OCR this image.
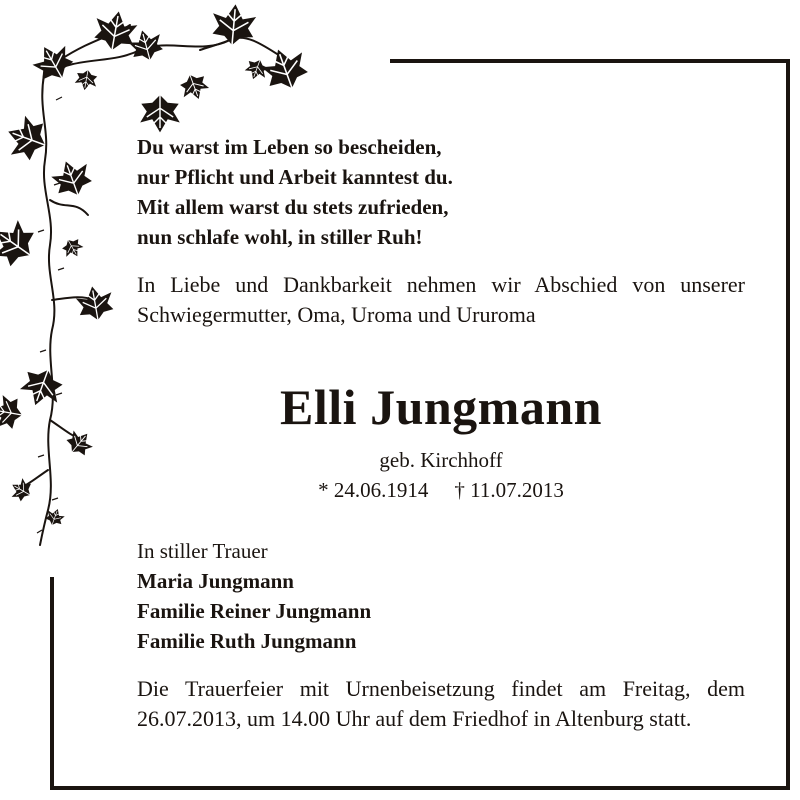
Du warst im Leben so bescheiden,
nur Pflicht und Arbeit kanntest du.
Mit allem warst du stets zufrieden,
nun schlafe wohl, in stiller Ruh!
In Liebe und Dankbarkeit nehmen wir Abschied von unserer Schwiegermutter, Oma, Uroma und Ururoma
Elli Jungmann
geb. Kirchhoff
* 24.06.1914 † 11.07.2013
In stiller Trauer
Maria Jungmann
Familie Reiner Jungmann
Familie Ruth Jungmann
Die Trauerfeier mit Urnenbeisetzung findet am Freitag, dem 26.07.2013, um 14.00 Uhr auf dem Friedhof in Altenburg statt.
